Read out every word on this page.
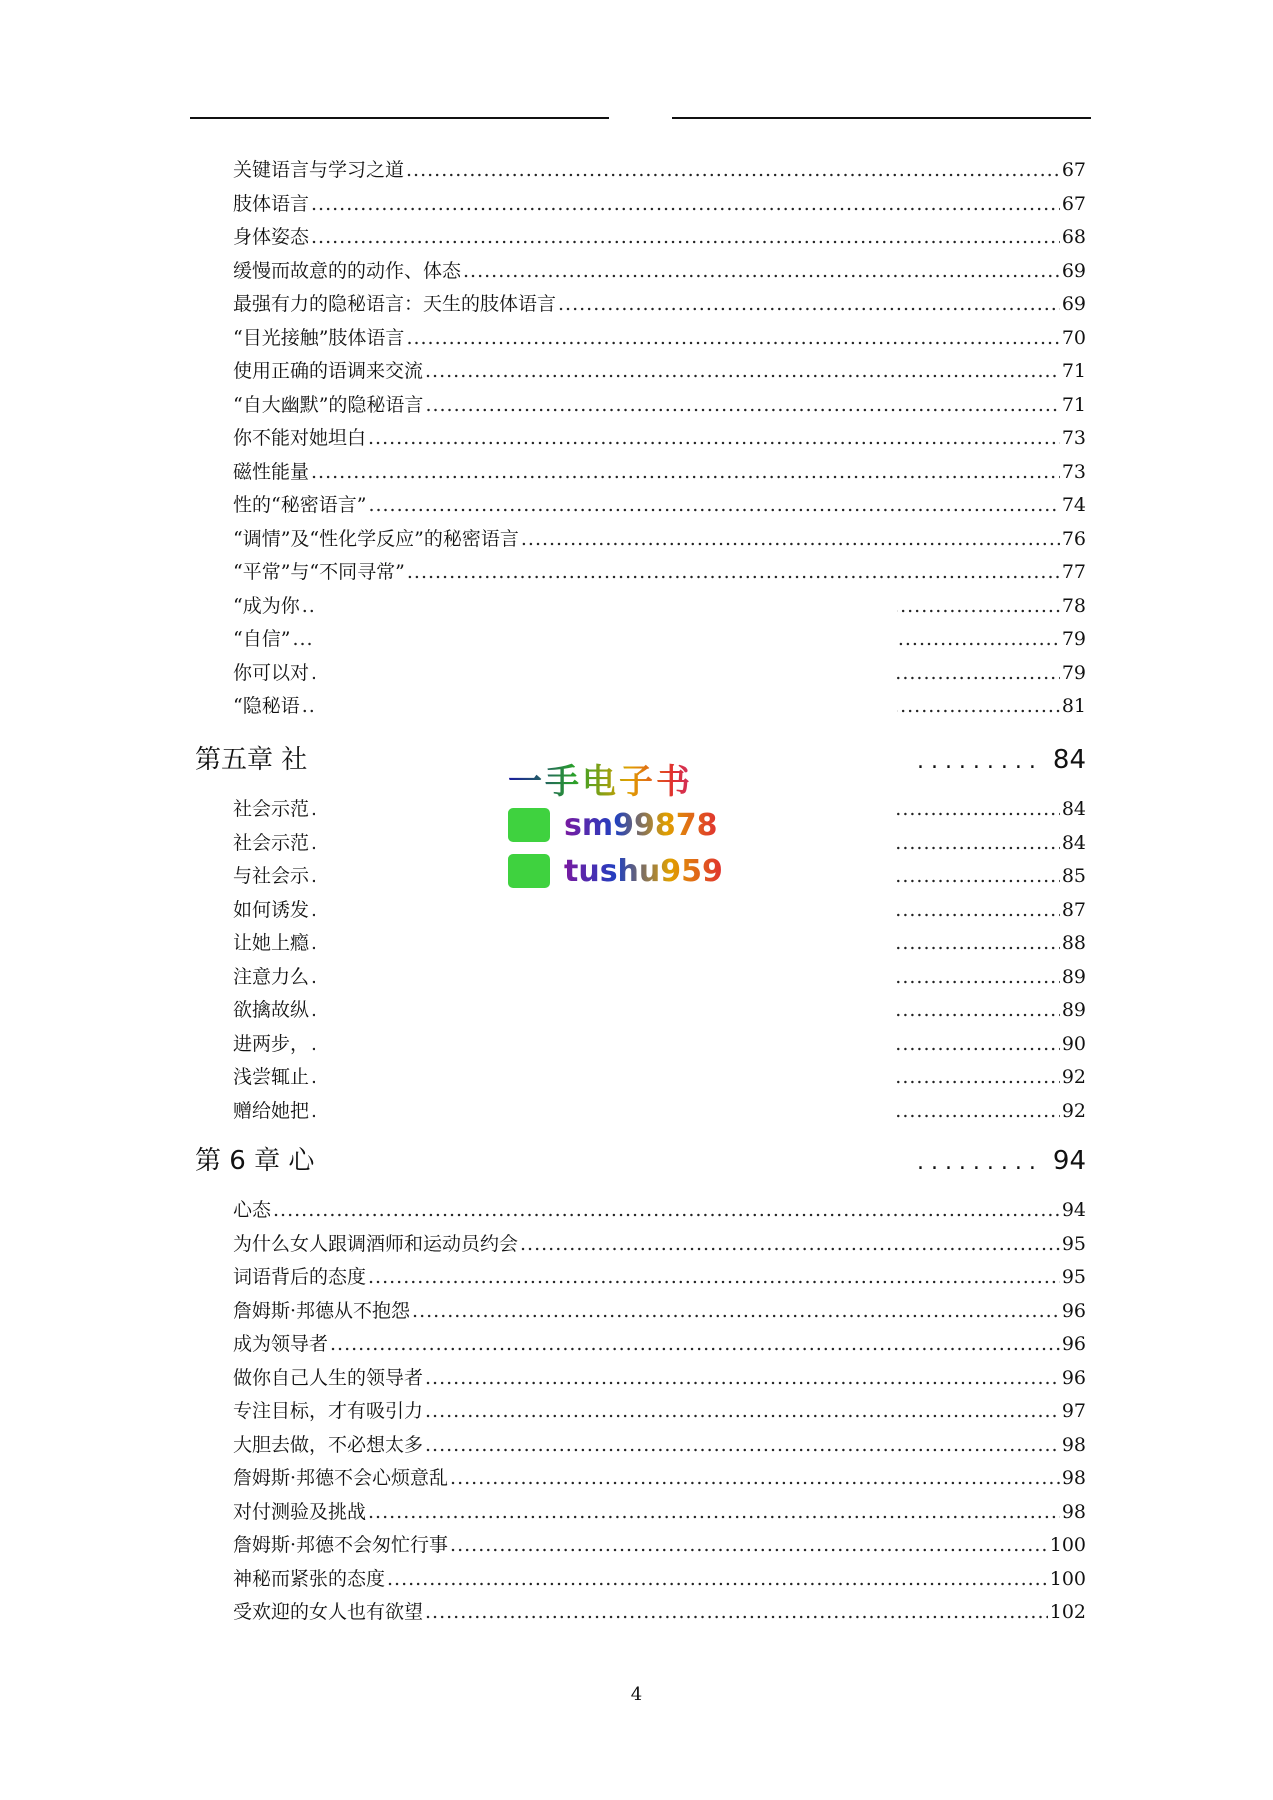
关键语言与学习之道 .....	67
肢体语言 .....	67
身体姿态 .....	68
缓慢而故意的的动作、体态 .....	69
最强有力的隐秘语言：天生的肢体语言 .....	69
“目光接触”肢体语言 .....	70
使用正确的语调来交流 .....	71
“自大幽默”的隐秘语言 .....	71
你不能对她坦白 .....	73
磁性能量 .....	73
性的“秘密语言” .....	74
“调情”及“性化学反应”的秘密语言 .....	76
“平常”与“不同寻常” .....	77
“成为你 .....	78
“自信” .....	79
你可以对 .....	79
“隐秘语 .....	81
第五章 社	......... 84
社会示范 .....	84
社会示范 .....	84
与社会示 .....	85
如何诱发 .....	87
让她上瘾 .....	88
注意力么 .....	89
欲擒故纵 .....	89
进两步， .....	90
浅尝辄止 .....	92
赠给她把 .....	92
第 6 章 心	......... 94
心态 .....	94
为什么女人跟调酒师和运动员约会 .....	95
词语背后的态度 .....	95
詹姆斯·邦德从不抱怨 .....	96
成为领导者 .....	96
做你自己人生的领导者 .....	96
专注目标，才有吸引力 .....	97
大胆去做，不必想太多 .....	98
詹姆斯·邦德不会心烦意乱 .....	98
对付测验及挑战 .....	98
詹姆斯·邦德不会匆忙行事 .....	100
神秘而紧张的态度 .....	100
受欢迎的女人也有欲望 .....	102
一手电子书
sm99878
tushu959
4
